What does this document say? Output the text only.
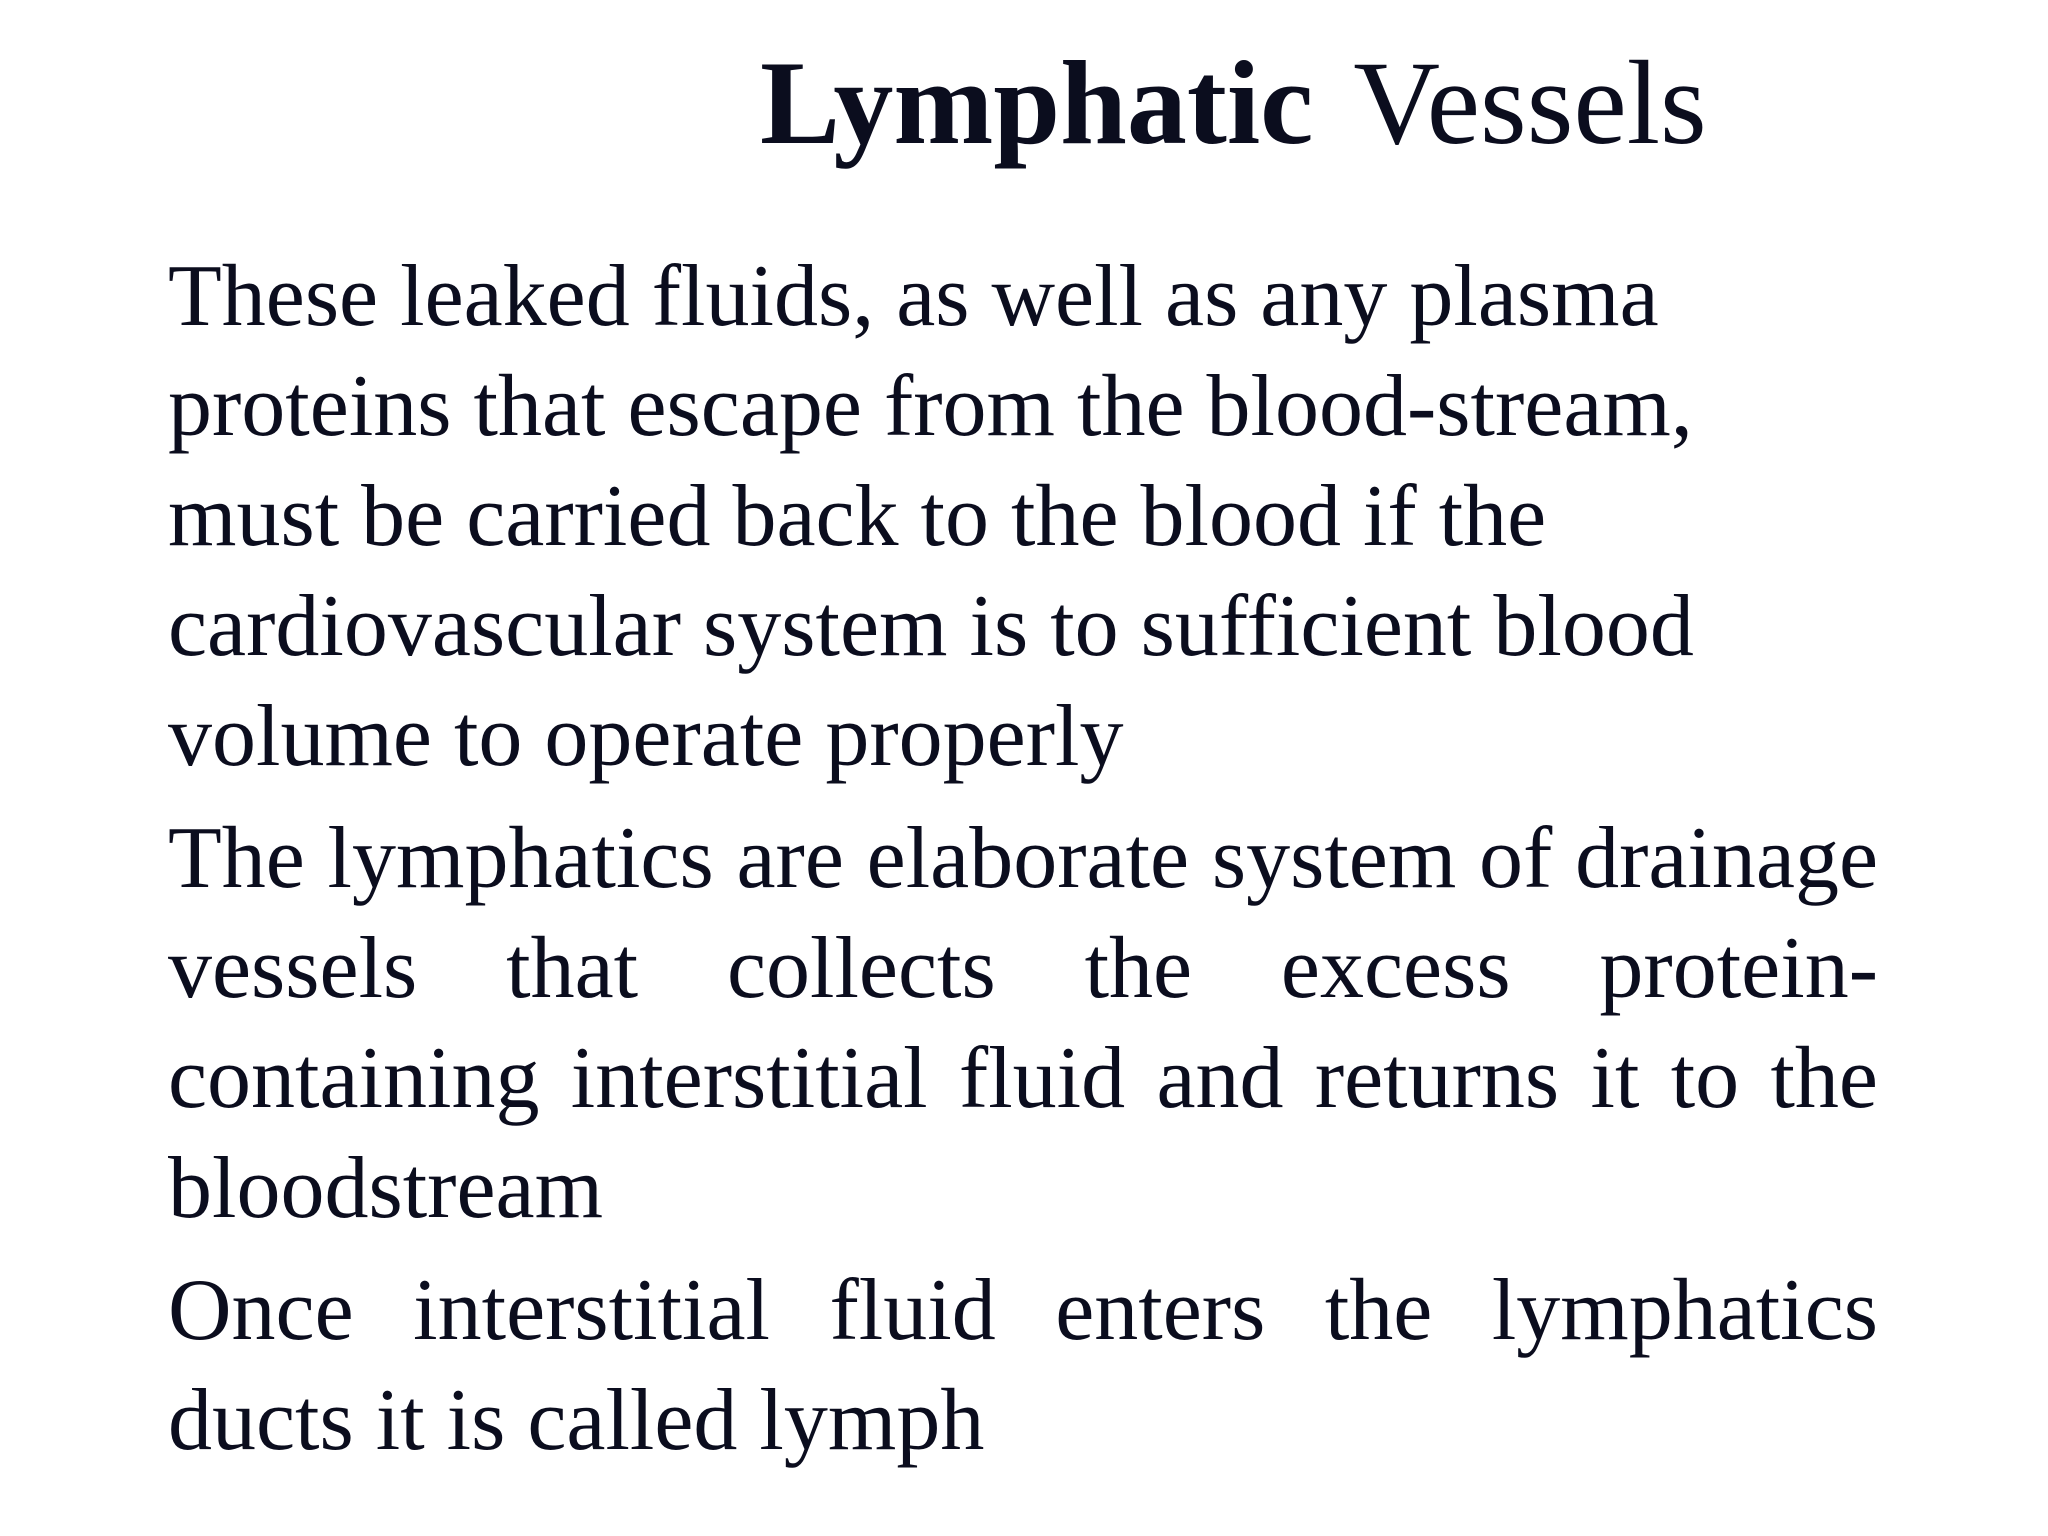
Lymphatic Vessels

These leaked fluids, as well as any plasma proteins that escape from the blood-stream, must be carried back to the blood if the cardiovascular system is to sufficient blood volume to operate properly

The lymphatics are elaborate system of drainage vessels that collects the excess protein-containing interstitial fluid and returns it to the bloodstream

Once interstitial fluid enters the lymphatics ducts it is called lymph
